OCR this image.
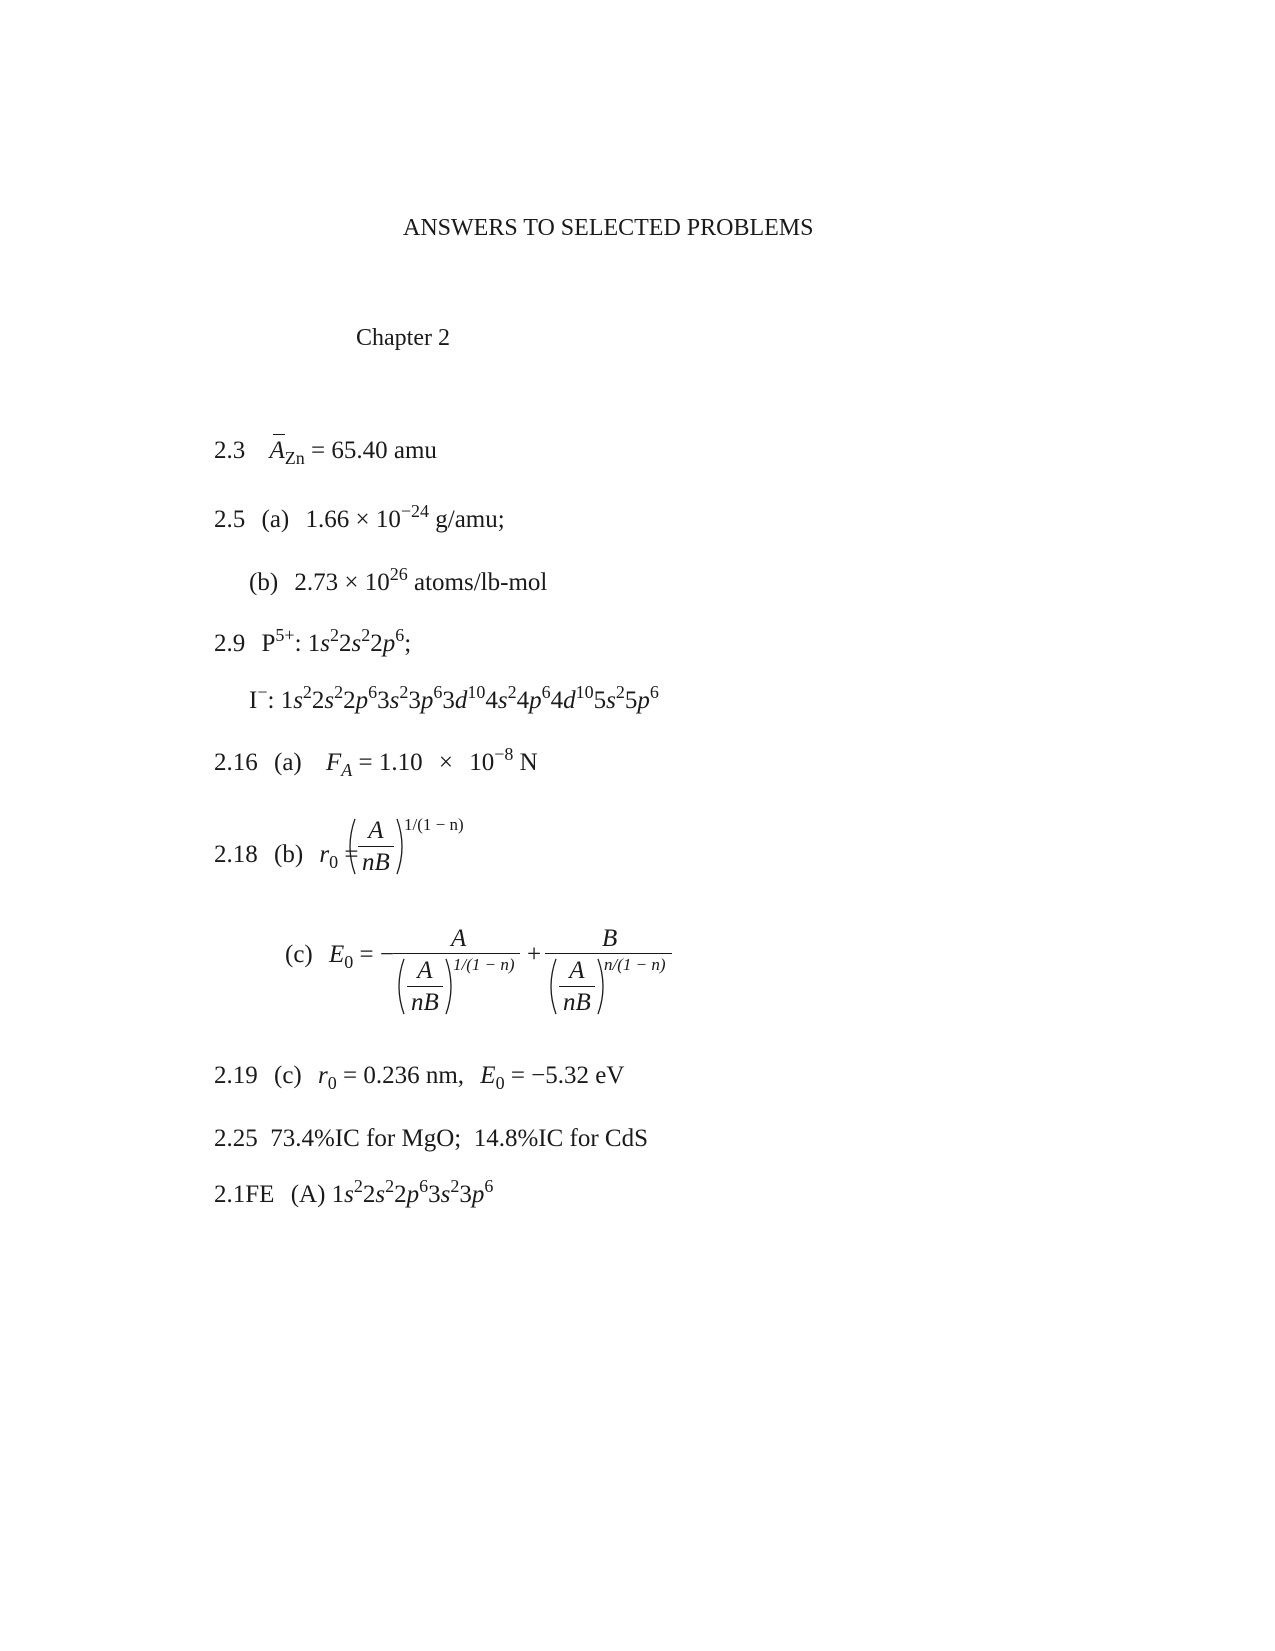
ANSWERS TO SELECTED PROBLEMS
Chapter 2
2.3 $A_{Zn} = 65.40$ amu
2.5 (a) $1.66 \times 10^{-24}$ g/amu;
(b) $2.73 \times 10^{26}$ atoms/lb-mol
2.9 $P^{5+}$: $1s^22s^22p^6$;
I−: $1s^22s^22p^63s^23p^63d^{10}4s^24p^64d^{10}5s^25p^6$
2.16 (a) $F_A = 1.10 \times 10^{-8}$ N
2.18 (b) $r_0 = \frac{A}{nB} 1/(1 - n)$
(c) $E_0$ = −
A
1/(1 − n)
$\frac{A}{nB}$
+
B
n/(1 − n)
$\frac{A}{nB}$
2.19 (c) $r_0 = 0.236$ nm, $E_0 = -5.32$ eV
2.25  73.4%IC for MgO;  14.8%IC for CdS
2.1FE (A) $1s^22s^22p^63s^23p^6$
